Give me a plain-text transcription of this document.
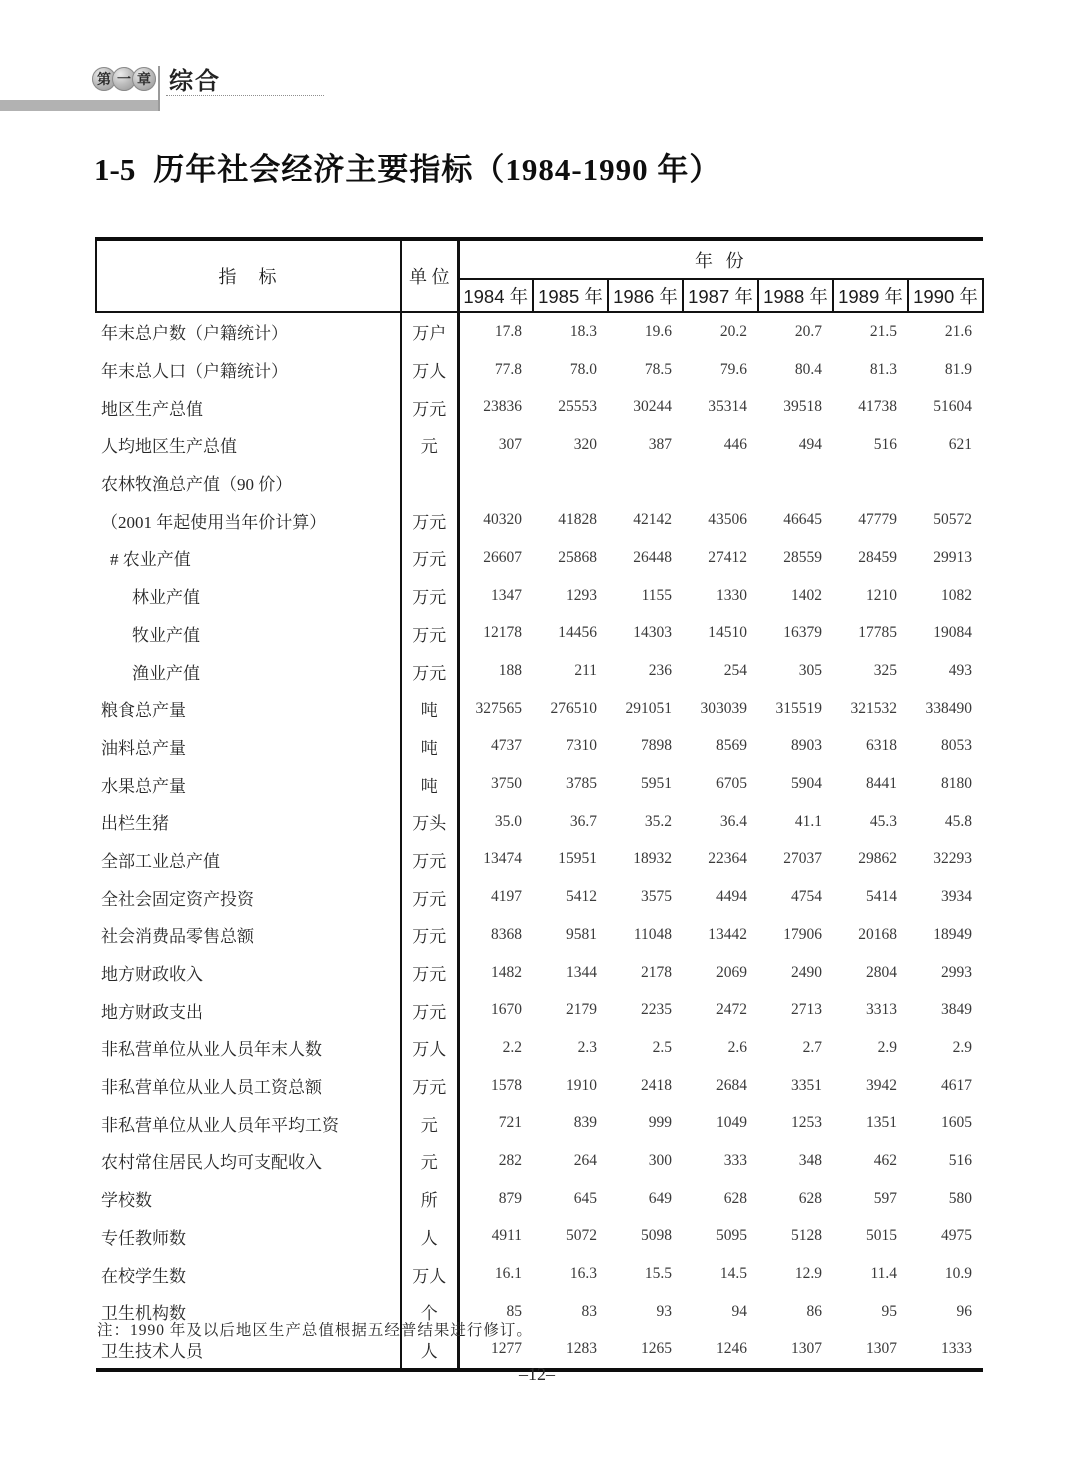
第 一 章 综合
1-5 历年社会经济主要指标（1984-1990 年）
指　标	单 位	年 份						
		1984 年	1985 年	1986 年	1987 年	1988 年	1989 年	1990 年
年末总户数（户籍统计）	万户	17.8	18.3	19.6	20.2	20.7	21.5	21.6
年末总人口（户籍统计）	万人	77.8	78.0	78.5	79.6	80.4	81.3	81.9
地区生产总值	万元	23836	25553	30244	35314	39518	41738	51604
人均地区生产总值	元	307	320	387	446	494	516	621
农林牧渔总产值（90 价）								
（2001 年起使用当年价计算）	万元	40320	41828	42142	43506	46645	47779	50572
# 农业产值	万元	26607	25868	26448	27412	28559	28459	29913
林业产值	万元	1347	1293	1155	1330	1402	1210	1082
牧业产值	万元	12178	14456	14303	14510	16379	17785	19084
渔业产值	万元	188	211	236	254	305	325	493
粮食总产量	吨	327565	276510	291051	303039	315519	321532	338490
油料总产量	吨	4737	7310	7898	8569	8903	6318	8053
水果总产量	吨	3750	3785	5951	6705	5904	8441	8180
出栏生猪	万头	35.0	36.7	35.2	36.4	41.1	45.3	45.8
全部工业总产值	万元	13474	15951	18932	22364	27037	29862	32293
全社会固定资产投资	万元	4197	5412	3575	4494	4754	5414	3934
社会消费品零售总额	万元	8368	9581	11048	13442	17906	20168	18949
地方财政收入	万元	1482	1344	2178	2069	2490	2804	2993
地方财政支出	万元	1670	2179	2235	2472	2713	3313	3849
非私营单位从业人员年末人数	万人	2.2	2.3	2.5	2.6	2.7	2.9	2.9
非私营单位从业人员工资总额	万元	1578	1910	2418	2684	3351	3942	4617
非私营单位从业人员年平均工资	元	721	839	999	1049	1253	1351	1605
农村常住居民人均可支配收入	元	282	264	300	333	348	462	516
学校数	所	879	645	649	628	628	597	580
专任教师数	人	4911	5072	5098	5095	5128	5015	4975
在校学生数	万人	16.1	16.3	15.5	14.5	12.9	11.4	10.9
卫生机构数	个	85	83	93	94	86	95	96
卫生技术人员	人	1277	1283	1265	1246	1307	1307	1333
注：1990 年及以后地区生产总值根据五经普结果进行修订。
–12–
